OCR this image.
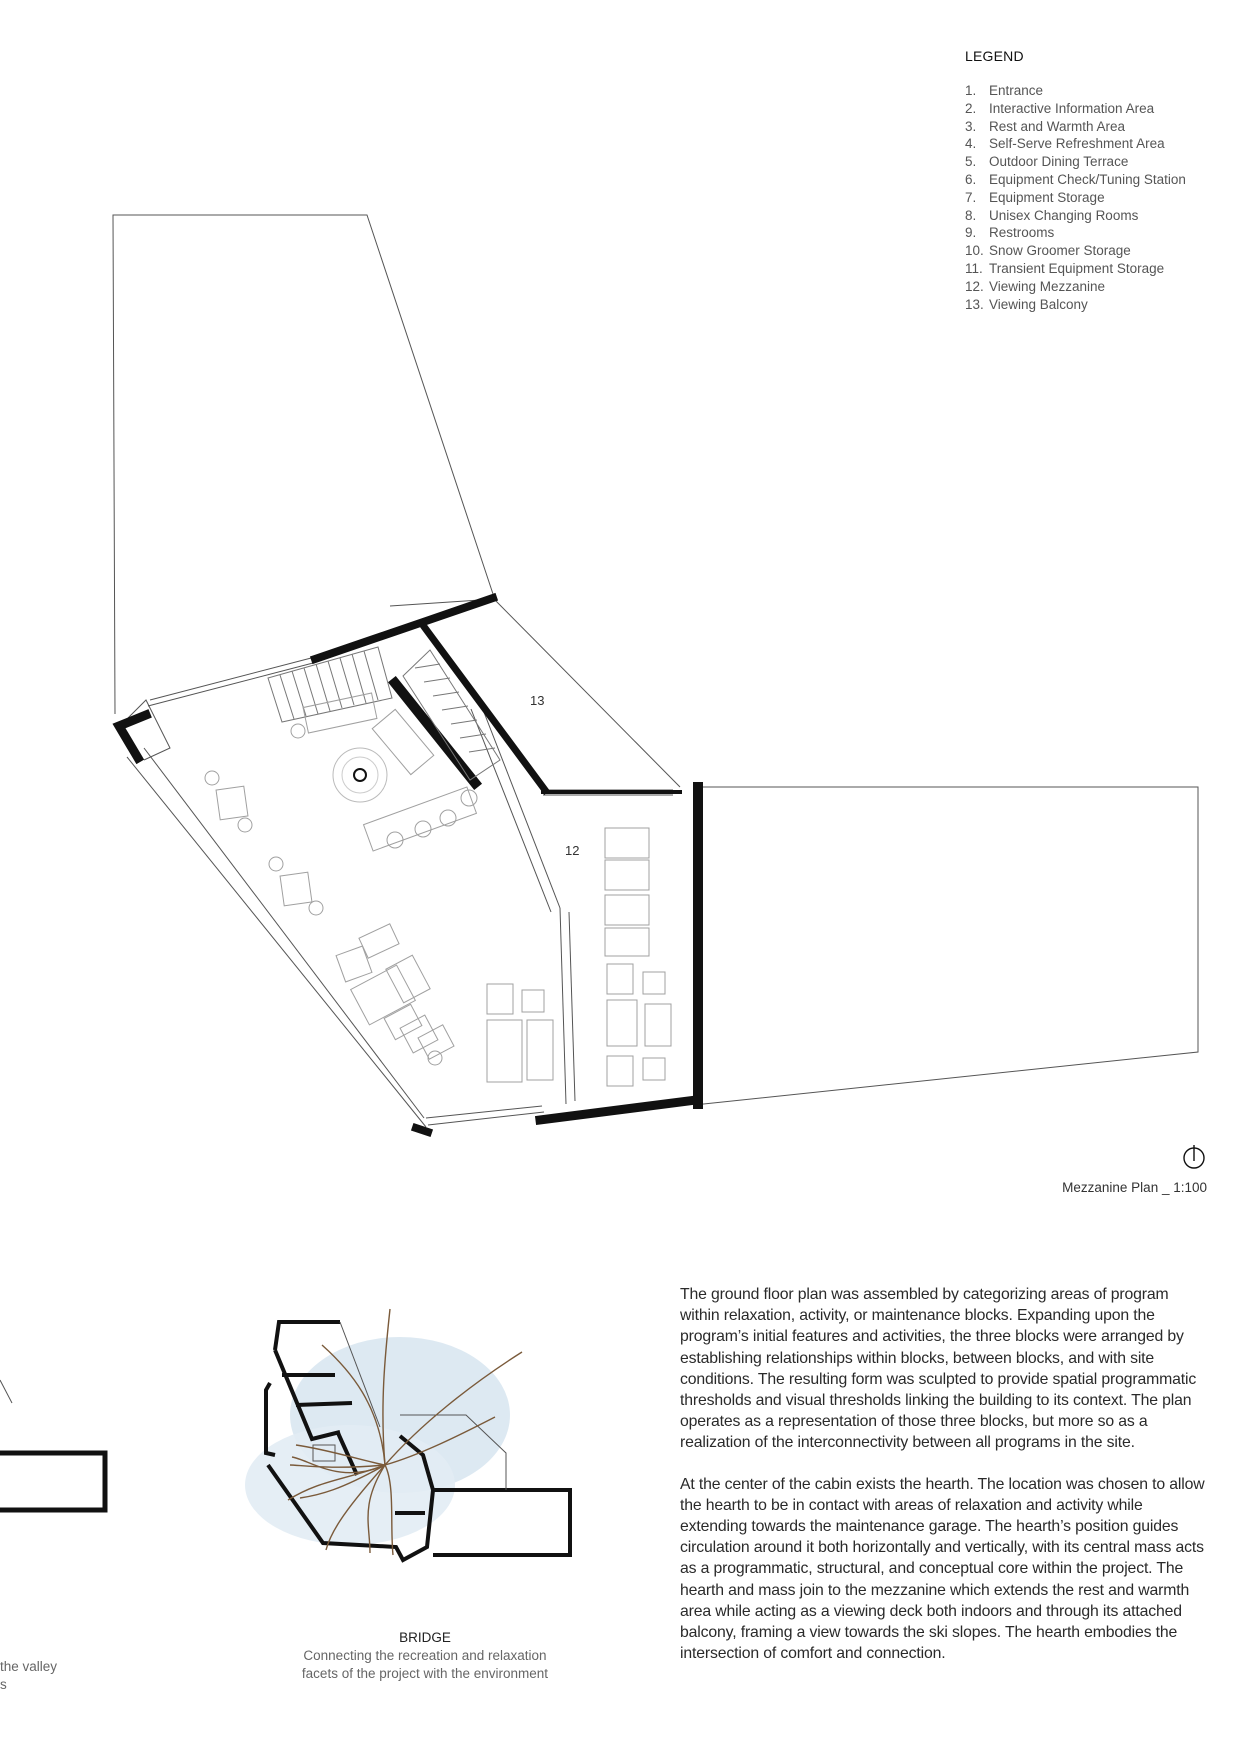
LEGEND
1. Entrance
2. Interactive Information Area
3. Rest and Warmth Area
4. Self-Serve Refreshment Area
5. Outdoor Dining Terrace
6. Equipment Check/Tuning Station
7. Equipment Storage
8. Unisex Changing Rooms
9. Restrooms
10. Snow Groomer Storage
11. Transient Equipment Storage
12. Viewing Mezzanine
13. Viewing Balcony
13
12
Mezzanine Plan _ 1:100

the valley

s

BRIDGE

Connecting the recreation and relaxation

facets of the project with the environment

The ground floor plan was assembled by categorizing areas of program within relaxation, activity, or maintenance blocks. Expanding upon the program’s initial features and activities, the three blocks were arranged by establishing relationships within blocks, between blocks, and with site conditions. The resulting form was sculpted to provide spatial programmatic thresholds and visual thresholds linking the building to its context. The plan operates as a representation of those three blocks, but more so as a realization of the interconnectivity between all programs in the site.

At the center of the cabin exists the hearth. The location was chosen to allow the hearth to be in contact with areas of relaxation and activity while extending towards the maintenance garage. The hearth’s position guides circulation around it both horizontally and vertically, with its central mass acts as a programmatic, structural, and conceptual core within the project. The hearth and mass join to the mezzanine which extends the rest and warmth area while acting as a viewing deck both indoors and through its attached balcony, framing a view towards the ski slopes. The hearth embodies the intersection of comfort and connection.
